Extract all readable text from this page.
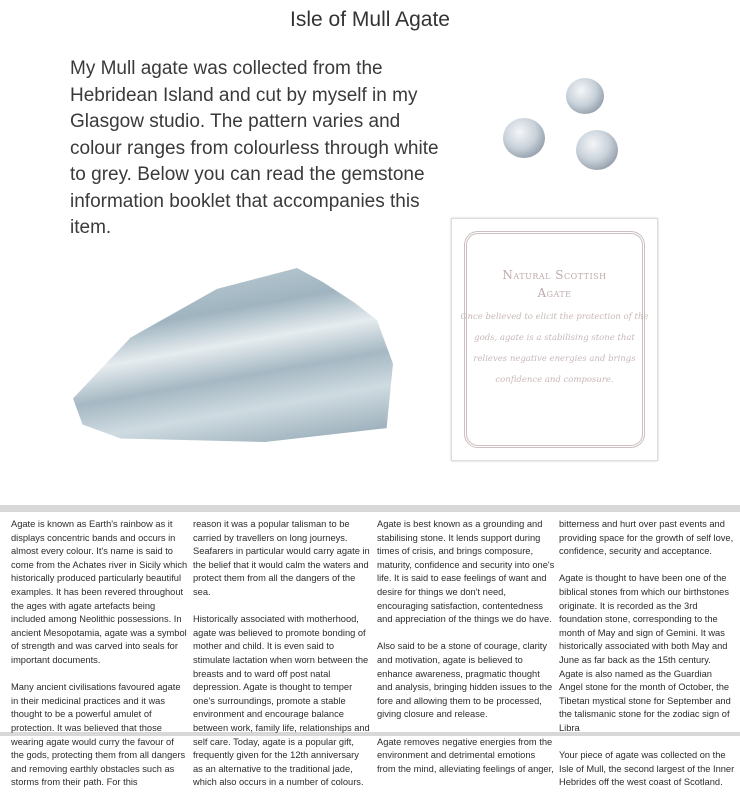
Isle of Mull Agate
My Mull agate was collected from the Hebridean Island and cut by myself in my Glasgow studio. The pattern varies and colour ranges from colourless through white to grey. Below you can read the gemstone information booklet that accompanies this item.
Natural Scottish
Agate
Once believed to elicit the protection of the gods, agate is a stabilising stone that relieves negative energies and brings confidence and composure.

Agate is known as Earth's rainbow as it displays concentric bands and occurs in almost every colour. It's name is said to come from the Achates river in Sicily which historically produced particularly beautiful examples. It has been revered throughout the ages with agate artefacts being included among Neolithic possessions. In ancient Mesopotamia, agate was a symbol of strength and was carved into seals for important documents.

Many ancient civilisations favoured agate in their medicinal practices and it was thought to be a powerful amulet of protection. It was believed that those wearing agate would curry the favour of the gods, protecting them from all dangers and removing earthly obstacles such as storms from their path. For this

reason it was a popular talisman to be carried by travellers on long journeys. Seafarers in particular would carry agate in the belief that it would calm the waters and protect them from all the dangers of the sea.

Historically associated with motherhood, agate was believed to promote bonding of mother and child. It is even said to stimulate lactation when worn between the breasts and to ward off post natal depression. Agate is thought to temper one's surroundings, promote a stable environment and encourage balance between work, family life, relationships and self care. Today, agate is a popular gift, frequently given for the 12th anniversary as an alternative to the traditional jade, which also occurs in a number of colours.

Agate is best known as a grounding and stabilising stone. It lends support during times of crisis, and brings composure, maturity, confidence and security into one's life. It is said to ease feelings of want and desire for things we don't need, encouraging satisfaction, contentedness and appreciation of the things we do have.

Also said to be a stone of courage, clarity and motivation, agate is believed to enhance awareness, pragmatic thought and analysis, bringing hidden issues to the fore and allowing them to be processed, giving closure and release.

Agate removes negative energies from the environment and detrimental emotions from the mind, alleviating feelings of anger,

bitterness and hurt over past events and providing space for the growth of self love, confidence, security and acceptance.

Agate is thought to have been one of the biblical stones from which our birthstones originate. It is recorded as the 3rd foundation stone, corresponding to the month of May and sign of Gemini. It was historically associated with both May and June as far back as the 15th century.

Agate is also named as the Guardian Angel stone for the month of October, the Tibetan mystical stone for September and the talismanic stone for the zodiac sign of Libra

Your piece of agate was collected on the Isle of Mull, the second largest of the Inner Hebrides off the west coast of Scotland.
